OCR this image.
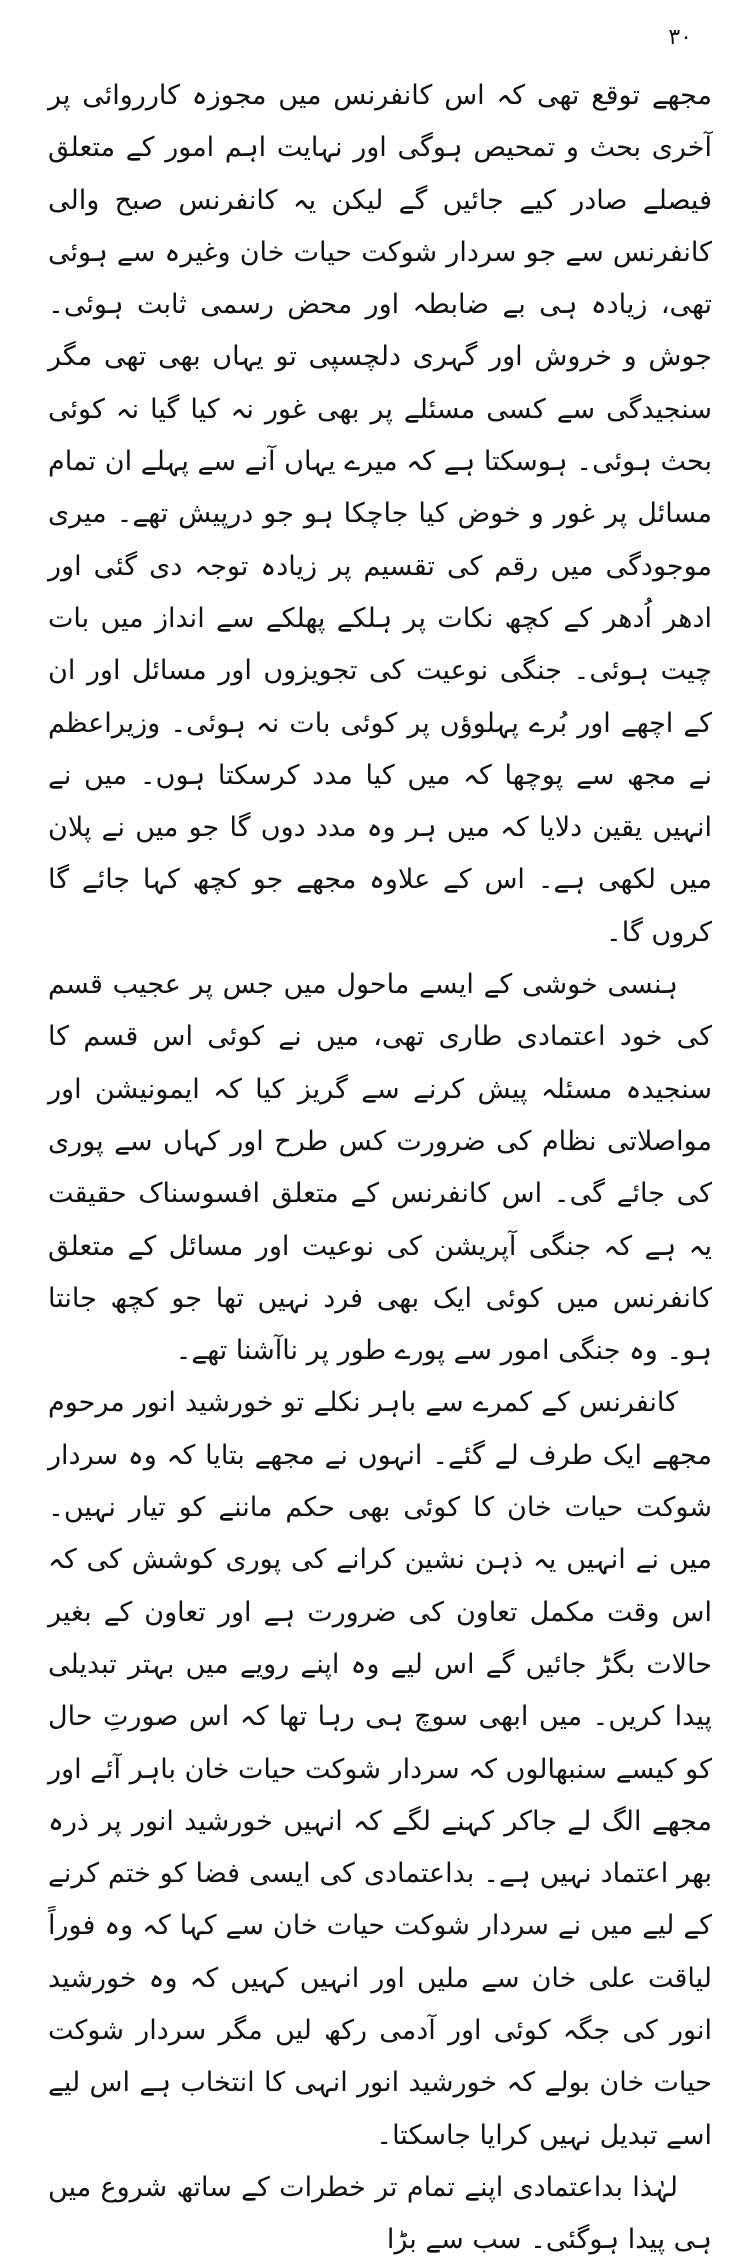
۳۰

مجھے توقع تھی کہ اس کانفرنس میں مجوزہ کارروائی پر آخری بحث و تمحیص ہوگی اور نہایت اہم امور کے متعلق فیصلے صادر کیے جائیں گے لیکن یہ کانفرنس صبح والی کانفرنس سے جو سردار شوکت حیات خان وغیرہ سے ہوئی تھی، زیادہ ہی بے ضابطہ اور محض رسمی ثابت ہوئی۔ جوش و خروش اور گہری دلچسپی تو یہاں بھی تھی مگر سنجیدگی سے کسی مسئلے پر بھی غور نہ کیا گیا نہ کوئی بحث ہوئی۔ ہوسکتا ہے کہ میرے یہاں آنے سے پہلے ان تمام مسائل پر غور و خوض کیا جاچکا ہو جو درپیش تھے۔ میری موجودگی میں رقم کی تقسیم پر زیادہ توجہ دی گئی اور ادھر اُدھر کے کچھ نکات پر ہلکے پھلکے سے انداز میں بات چیت ہوئی۔ جنگی نوعیت کی تجویزوں اور مسائل اور ان کے اچھے اور بُرے پہلوؤں پر کوئی بات نہ ہوئی۔ وزیراعظم نے مجھ سے پوچھا کہ میں کیا مدد کرسکتا ہوں۔ میں نے انہیں یقین دلایا کہ میں ہر وہ مدد دوں گا جو میں نے پلان میں لکھی ہے۔ اس کے علاوہ مجھے جو کچھ کہا جائے گا کروں گا۔

ہنسی خوشی کے ایسے ماحول میں جس پر عجیب قسم کی خود اعتمادی طاری تھی، میں نے کوئی اس قسم کا سنجیدہ مسئلہ پیش کرنے سے گریز کیا کہ ایمونیشن اور مواصلاتی نظام کی ضرورت کس طرح اور کہاں سے پوری کی جائے گی۔ اس کانفرنس کے متعلق افسوسناک حقیقت یہ ہے کہ جنگی آپریشن کی نوعیت اور مسائل کے متعلق کانفرنس میں کوئی ایک بھی فرد نہیں تھا جو کچھ جانتا ہو۔ وہ جنگی امور سے پورے طور پر ناآشنا تھے۔

کانفرنس کے کمرے سے باہر نکلے تو خورشید انور مرحوم مجھے ایک طرف لے گئے۔ انہوں نے مجھے بتایا کہ وہ سردار شوکت حیات خان کا کوئی بھی حکم ماننے کو تیار نہیں۔ میں نے انہیں یہ ذہن نشین کرانے کی پوری کوشش کی کہ اس وقت مکمل تعاون کی ضرورت ہے اور تعاون کے بغیر حالات بگڑ جائیں گے اس لیے وہ اپنے رویے میں بہتر تبدیلی پیدا کریں۔ میں ابھی سوچ ہی رہا تھا کہ اس صورتِ حال کو کیسے سنبھالوں کہ سردار شوکت حیات خان باہر آئے اور مجھے الگ لے جاکر کہنے لگے کہ انہیں خورشید انور پر ذرہ بھر اعتماد نہیں ہے۔ بداعتمادی کی ایسی فضا کو ختم کرنے کے لیے میں نے سردار شوکت حیات خان سے کہا کہ وہ فوراً لیاقت علی خان سے ملیں اور انہیں کہیں کہ وہ خورشید انور کی جگہ کوئی اور آدمی رکھ لیں مگر سردار شوکت حیات خان بولے کہ خورشید انور انہی کا انتخاب ہے اس لیے اسے تبدیل نہیں کرایا جاسکتا۔

لہٰذا بداعتمادی اپنے تمام تر خطرات کے ساتھ شروع میں ہی پیدا ہوگئی۔ سب سے بڑا
